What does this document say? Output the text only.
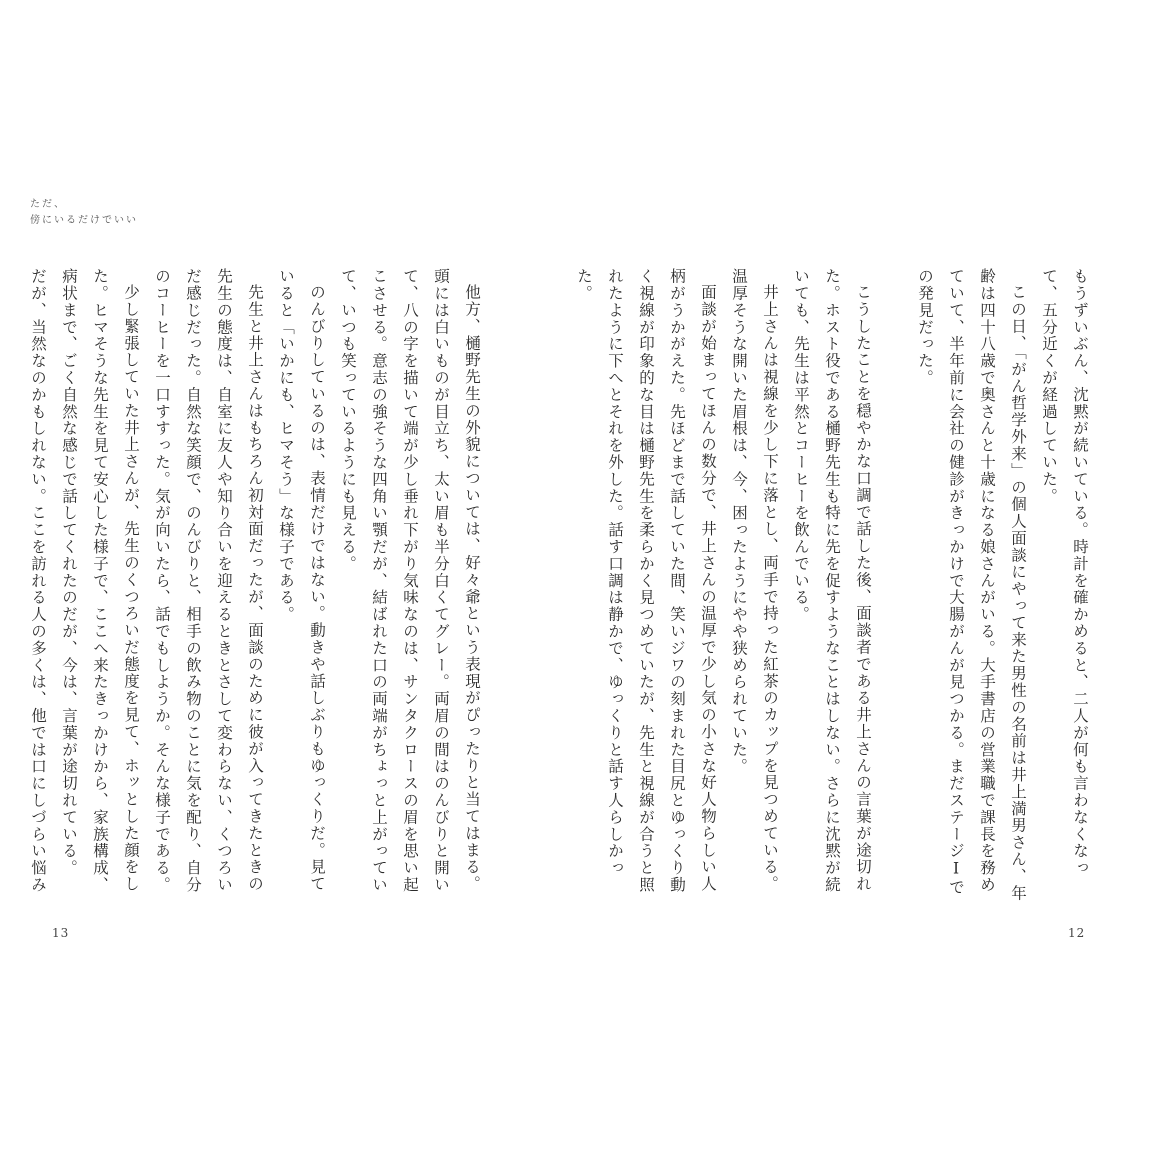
ただ、
傍にいるだけでいい

もうずいぶん、沈黙が続いている。時計を確かめると、二人が何も言わなくなって、五分近くが経過していた。

この日、「がん哲学外来」の個人面談にやって来た男性の名前は井上満男さん、年齢は四十八歳で奥さんと十歳になる娘さんがいる。大手書店の営業職で課長を務めていて、半年前に会社の健診がきっかけで大腸がんが見つかる。まだステージⅠでの発見だった。

こうしたことを穏やかな口調で話した後、面談者である井上さんの言葉が途切れた。ホスト役である樋野先生も特に先を促すようなことはしない。さらに沈黙が続いても、先生は平然とコーヒーを飲んでいる。

井上さんは視線を少し下に落とし、両手で持った紅茶のカップを見つめている。温厚そうな開いた眉根は、今、困ったようにやや狭められていた。

面談が始まってほんの数分で、井上さんの温厚で少し気の小さな好人物らしい人柄がうかがえた。先ほどまで話していた間、笑いジワの刻まれた目尻とゆっくり動く視線が印象的な目は樋野先生を柔らかく見つめていたが、先生と視線が合うと照れたように下へとそれを外した。話す口調は静かで、ゆっくりと話す人らしかった。

他方、樋野先生の外貌については、好々爺という表現がぴったりと当てはまる。頭には白いものが目立ち、太い眉も半分白くてグレー。両眉の間はのんびりと開いて、八の字を描いて端が少し垂れ下がり気味なのは、サンタクロースの眉を思い起こさせる。意志の強そうな四角い顎だが、結ばれた口の両端がちょっと上がっていて、いつも笑っているようにも見える。

のんびりしているのは、表情だけではない。動きや話しぶりもゆっくりだ。見ていると「いかにも、ヒマそう」な様子である。

先生と井上さんはもちろん初対面だったが、面談のために彼が入ってきたときの先生の態度は、自室に友人や知り合いを迎えるときとさして変わらない、くつろいだ感じだった。自然な笑顔で、のんびりと、相手の飲み物のことに気を配り、自分のコーヒーを一口すすった。気が向いたら、話でもしようか。そんな様子である。

少し緊張していた井上さんが、先生のくつろいだ態度を見て、ホッとした顔をした。ヒマそうな先生を見て安心した様子で、ここへ来たきっかけから、家族構成、病状まで、ごく自然な感じで話してくれたのだが、今は、言葉が途切れている。

だが、当然なのかもしれない。ここを訪れる人の多くは、他では口にしづらい悩み

13	12
